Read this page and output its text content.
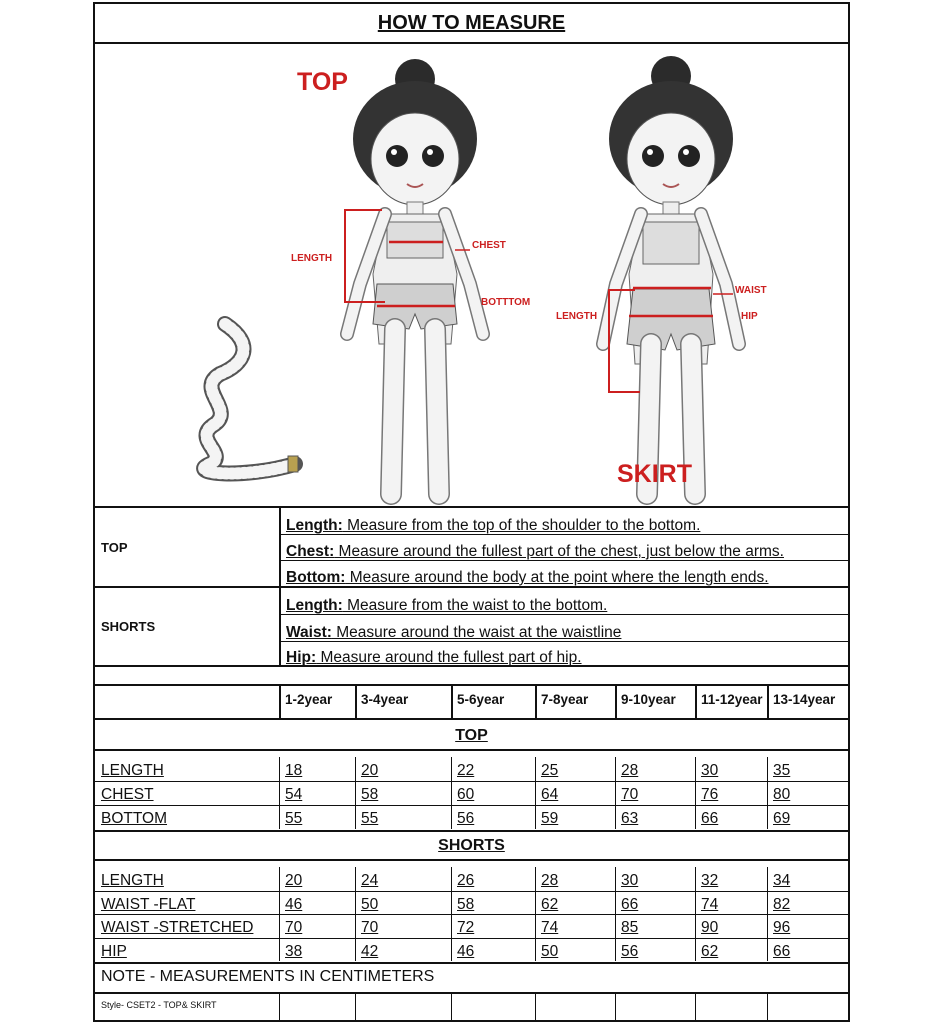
HOW TO MEASURE
TOP
LENGTH
CHEST
BOTTTOM
WAIST
HIP
LENGTH
SKIRT
TOP
Length: Measure from the top of the shoulder to the bottom.
Chest: Measure around the fullest part of the chest, just below the arms.
Bottom: Measure around the body at the point where the length ends.
SHORTS
Length: Measure from the waist to the bottom.
Waist: Measure around the waist at the waistline
Hip: Measure around the fullest part of hip.
1-2year 3-4year	5-6year	7-8year 9-10year 11-12year 13-14year
TOP
LENGTH	18	20	22	25	28	30	35
CHEST	54	58	60	64	70	76	80
BOTTOM	55	55	56	59	63	66	69
SHORTS
LENGTH	20	24	26	28	30	32	34
WAIST -FLAT	46	50	58	62	66	74	82
WAIST -STRETCHED 70	70	72	74	85	90	96
HIP	38	42	46	50	56	62	66
NOTE - MEASUREMENTS IN CENTIMETERS
Style- CSET2 - TOP& SKIRT
